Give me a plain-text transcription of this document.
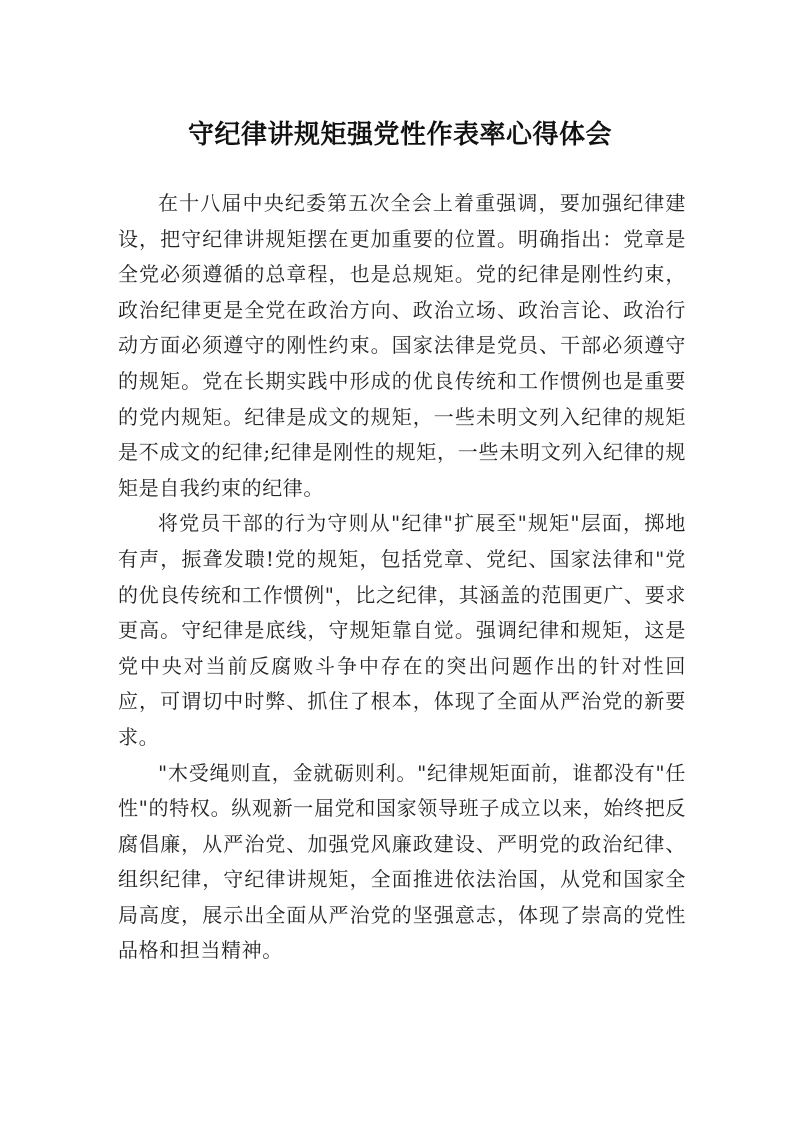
守纪律讲规矩强党性作表率心得体会

在十八届中央纪委第五次全会上着重强调，要加强纪律建设，把守纪律讲规矩摆在更加重要的位置。明确指出：党章是全党必须遵循的总章程，也是总规矩。党的纪律是刚性约束，政治纪律更是全党在政治方向、政治立场、政治言论、政治行动方面必须遵守的刚性约束。国家法律是党员、干部必须遵守的规矩。党在长期实践中形成的优良传统和工作惯例也是重要的党内规矩。纪律是成文的规矩，一些未明文列入纪律的规矩是不成文的纪律;纪律是刚性的规矩，一些未明文列入纪律的规矩是自我约束的纪律。

将党员干部的行为守则从"纪律"扩展至"规矩"层面，掷地有声，振聋发聩!党的规矩，包括党章、党纪、国家法律和"党的优良传统和工作惯例"，比之纪律，其涵盖的范围更广、要求更高。守纪律是底线，守规矩靠自觉。强调纪律和规矩，这是党中央对当前反腐败斗争中存在的突出问题作出的针对性回应，可谓切中时弊、抓住了根本，体现了全面从严治党的新要求。

"木受绳则直，金就砺则利。"纪律规矩面前，谁都没有"任性"的特权。纵观新一届党和国家领导班子成立以来，始终把反腐倡廉，从严治党、加强党风廉政建设、严明党的政治纪律、组织纪律，守纪律讲规矩，全面推进依法治国，从党和国家全局高度，展示出全面从严治党的坚强意志，体现了崇高的党性品格和担当精神。
